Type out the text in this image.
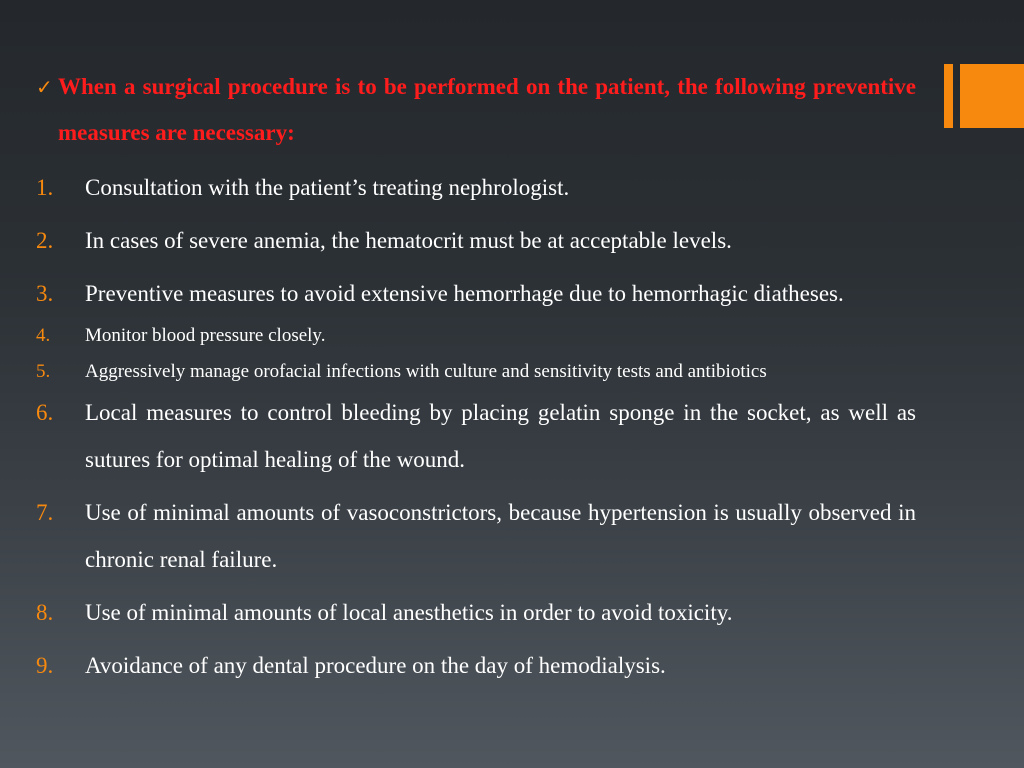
✓ When a surgical procedure is to be performed on the patient, the following preventive measures are necessary:
1.	Consultation with the patient’s treating nephrologist.
2.	In cases of severe anemia, the hematocrit must be at acceptable levels.
3.	Preventive measures to avoid extensive hemorrhage due to hemorrhagic diatheses.
4.	Monitor blood pressure closely.
5.	Aggressively manage orofacial infections with culture and sensitivity tests and antibiotics
6.	Local measures to control bleeding by placing gelatin sponge in the socket, as well as sutures for optimal healing of the wound.
7.	Use of minimal amounts of vasoconstrictors, because hypertension is usually observed in chronic renal failure.
8.	Use of minimal amounts of local anesthetics in order to avoid toxicity.
9.	Avoidance of any dental procedure on the day of hemodialysis.
